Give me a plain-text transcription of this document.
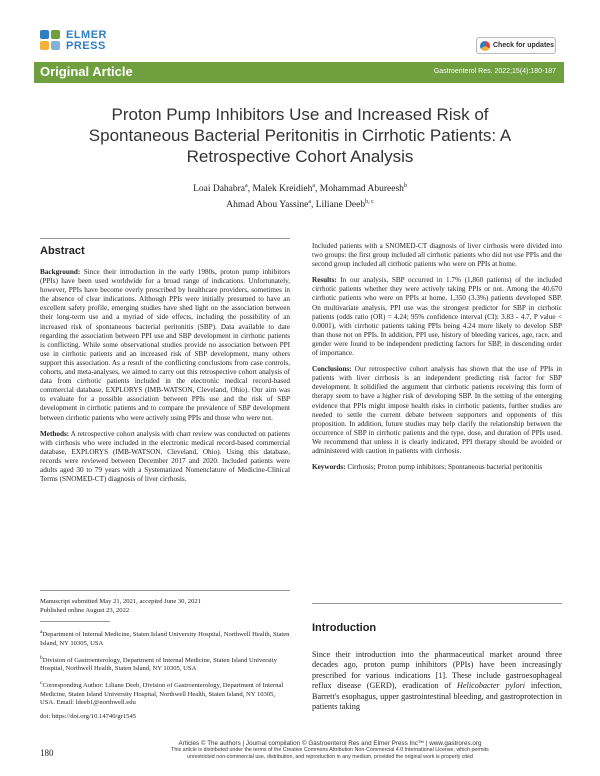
ELMER
PRESS	Check for updates
Original Article	Gastroenterol Res. 2022;15(4):180-187
Proton Pump Inhibitors Use and Increased Risk of Spontaneous Bacterial Peritonitis in Cirrhotic Patients: A Retrospective Cohort Analysis
Loai Dahabra$^a$, Malek Kreidieh$^a$, Mohammad Abureesh$^b$
Ahmad Abou Yassine$^a$, Liliane Deeb$^{b, c}$
Abstract

Background: Since their introduction in the early 1980s, proton pump inhibitors (PPIs) have been used worldwide for a broad range of indications. Unfortunately, however, PPIs have become overly prescribed by healthcare providers, sometimes in the absence of clear indications. Although PPIs were initially presumed to have an excellent safety profile, emerging studies have shed light on the association between their long-term use and a myriad of side effects, including the possibility of an increased risk of spontaneous bacterial peritonitis (SBP). Data available to date regarding the association between PPI use and SBP development in cirrhotic patients is conflicting. While some observational studies provide no association between PPI use in cirrhotic patients and an increased risk of SBP development, many others support this association. As a result of the conflicting conclusions from case controls, cohorts, and meta-analyses, we aimed to carry out this retrospective cohort analysis of data from cirrhotic patients included in the electronic medical record-based commercial database, EXPLORYS (IMB-WATSON, Cleveland, Ohio). Our aim was to evaluate for a possible association between PPIs use and the risk of SBP development in cirrhotic patients and to compare the prevalence of SBP development between cirrhotic patients who were actively using PPIs and those who were not.

Methods: A retrospective cohort analysis with chart review was conducted on patients with cirrhosis who were included in the electronic medical record-based commercial database, EXPLORYS (IMB-WATSON, Cleveland, Ohio). Using this database, records were reviewed between December 2017 and 2020. Included patients were adults aged 30 to 79 years with a Systematized Nomenclature of Medicine-Clinical Terms (SNOMED-CT) diagnosis of liver cirrhosis.

Manuscript submitted May 21, 2021, accepted June 30, 2021
Published online August 23, 2022

$^a$Department of Internal Medicine, Staten Island University Hospital, Northwell Health, Staten Island, NY 10305, USA

$^b$Division of Gastroenterology, Department of Internal Medicine, Staten Island University Hospital, Northwell Health, Staten Island, NY 10305, USA

$^c$Corresponding Author: Liliane Deeb, Division of Gastroenterology, Department of Internal Medicine, Staten Island University Hospital, Northwell Health, Staten Island, NY 10305, USA. Email: ldeeb1@northwell.edu

doi: https://doi.org/10.14740/gr1545

Included patients with a SNOMED-CT diagnosis of liver cirrhosis were divided into two groups: the first group included all cirrhotic patients who did not use PPIs and the second group included all cirrhotic patients who were on PPIs at home.

Results: In our analysis, SBP occurred in 1.7% (1,860 patients) of the included cirrhotic patients whether they were actively taking PPIs or not. Among the 40,670 cirrhotic patients who were on PPIs at home, 1,350 (3.3%) patients developed SBP. On multivariate analysis, PPI use was the strongest predictor for SBP in cirrhotic patients (odds ratio (OR) = 4.24; 95% confidence interval (CI): 3.83 - 4.7, P value < 0.0001), with cirrhotic patients taking PPIs being 4.24 more likely to develop SBP than those not on PPIs. In addition, PPI use, history of bleeding varices, age, race, and gender were found to be independent predicting factors for SBP, in descending order of importance.

Conclusions: Our retrospective cohort analysis has shown that the use of PPIs in patients with liver cirrhosis is an independent predicting risk factor for SBP development. It solidified the argument that cirrhotic patients receiving this form of therapy seem to have a higher risk of developing SBP. In the setting of the emerging evidence that PPIs might impose health risks in cirrhotic patients, further studies are needed to settle the current debate between supporters and opponents of this proposition. In addition, future studies may help clarify the relationship between the occurrence of SBP in cirrhotic patients and the type, dose, and duration of PPIs used. We recommend that unless it is clearly indicated, PPI therapy should be avoided or administered with caution in patients with cirrhosis.

Keywords: Cirrhosis; Proton pump inhibitors; Spontaneous bacterial peritonitis

Introduction
Since their introduction into the pharmaceutical market around three decades ago, proton pump inhibitors (PPIs) have been increasingly prescribed for various indications [1]. These include gastroesophageal reflux disease (GERD), eradication of Helicobacter pylori infection, Barrett's esophagus, upper gastrointestinal bleeding, and gastroprotection in patients taking
180
Articles © The authors | Journal compilation © Gastroenterol Res and Elmer Press Inc™ | www.gastrores.org
This article is distributed under the terms of the Creative Commons Attribution Non-Commercial 4.0 International License, which permits
unrestricted non-commercial use, distribution, and reproduction in any medium, provided the original work is properly cited
